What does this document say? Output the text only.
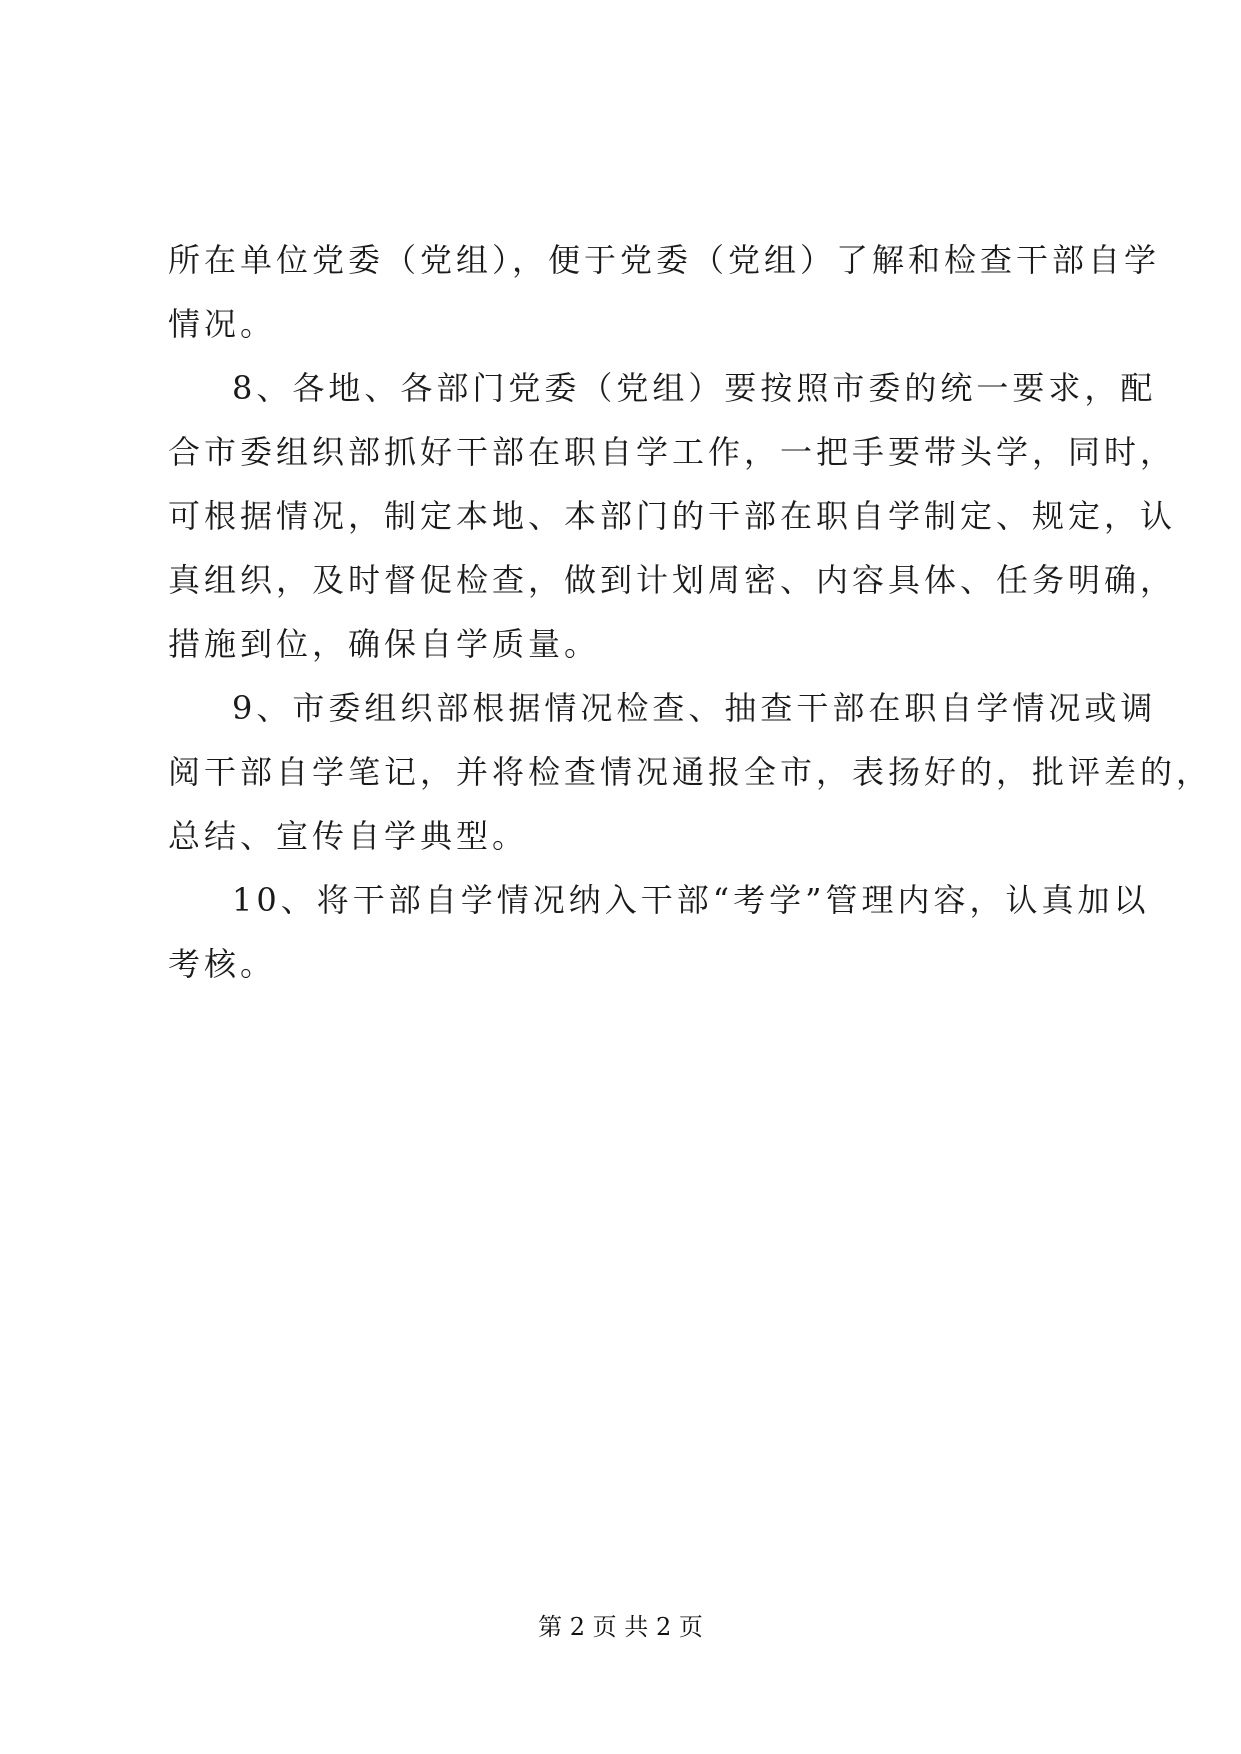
所在单位党委（党组），便于党委（党组）了解和检查干部自学
情况。
8、各地、各部门党委（党组）要按照市委的统一要求，配
合市委组织部抓好干部在职自学工作，一把手要带头学，同时，
可根据情况，制定本地、本部门的干部在职自学制定、规定，认
真组织，及时督促检查，做到计划周密、内容具体、任务明确，
措施到位，确保自学质量。
9、市委组织部根据情况检查、抽查干部在职自学情况或调
阅干部自学笔记，并将检查情况通报全市，表扬好的，批评差的，
总结、宣传自学典型。
10、将干部自学情况纳入干部“考学”管理内容，认真加以
考核。
第 2 页 共 2 页
